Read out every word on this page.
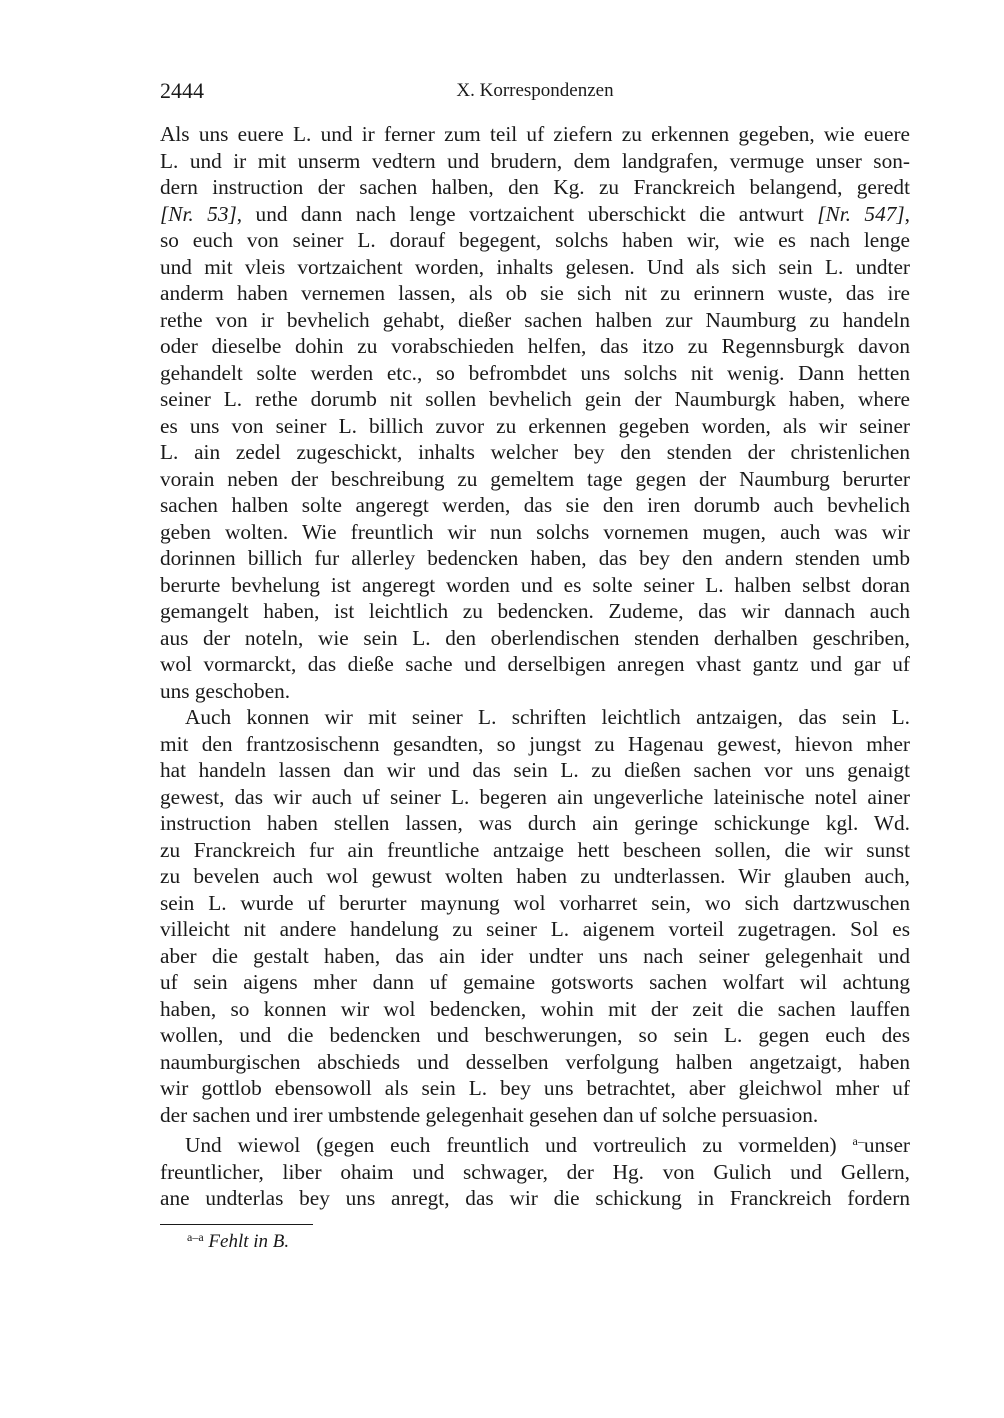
2444	X. Korrespondenzen
Als uns euere L. und ir ferner zum teil uf ziefern zu erkennen gegeben, wie euere
L. und ir mit unserm vedtern und brudern, dem landgrafen, vermuge unser son-
dern instruction der sachen halben, den Kg. zu Franckreich belangend, geredt
[Nr. 53], und dann nach lenge vortzaichent uberschickt die antwurt [Nr. 547],
so euch von seiner L. dorauf begegent, solchs haben wir, wie es nach lenge
und mit vleis vortzaichent worden, inhalts gelesen. Und als sich sein L. undter
anderm haben vernemen lassen, als ob sie sich nit zu erinnern wuste, das ire
rethe von ir bevhelich gehabt, dießer sachen halben zur Naumburg zu handeln
oder dieselbe dohin zu vorabschieden helfen, das itzo zu Regennsburgk davon
gehandelt solte werden etc., so befrombdet uns solchs nit wenig. Dann hetten
seiner L. rethe dorumb nit sollen bevhelich gein der Naumburgk haben, where
es uns von seiner L. billich zuvor zu erkennen gegeben worden, als wir seiner
L. ain zedel zugeschickt, inhalts welcher bey den stenden der christenlichen
vorain neben der beschreibung zu gemeltem tage gegen der Naumburg berurter
sachen halben solte angeregt werden, das sie den iren dorumb auch bevhelich
geben wolten. Wie freuntlich wir nun solchs vornemen mugen, auch was wir
dorinnen billich fur allerley bedencken haben, das bey den andern stenden umb
berurte bevhelung ist angeregt worden und es solte seiner L. halben selbst doran
gemangelt haben, ist leichtlich zu bedencken. Zudeme, das wir dannach auch
aus der noteln, wie sein L. den oberlendischen stenden derhalben geschriben,
wol vormarckt, das dieße sache und derselbigen anregen vhast gantz und gar uf
uns geschoben.
Auch konnen wir mit seiner L. schriften leichtlich antzaigen, das sein L.
mit den frantzosischenn gesandten, so jungst zu Hagenau gewest, hievon mher
hat handeln lassen dan wir und das sein L. zu dießen sachen vor uns genaigt
gewest, das wir auch uf seiner L. begeren ain ungeverliche lateinische notel ainer
instruction haben stellen lassen, was durch ain geringe schickunge kgl. Wd.
zu Franckreich fur ain freuntliche antzaige hett bescheen sollen, die wir sunst
zu bevelen auch wol gewust wolten haben zu undterlassen. Wir glauben auch,
sein L. wurde uf berurter maynung wol vorharret sein, wo sich dartzwuschen
villeicht nit andere handelung zu seiner L. aigenem vorteil zugetragen. Sol es
aber die gestalt haben, das ain ider undter uns nach seiner gelegenhait und
uf sein aigens mher dann uf gemaine gotsworts sachen wolfart wil achtung
haben, so konnen wir wol bedencken, wohin mit der zeit die sachen lauffen
wollen, und die bedencken und beschwerungen, so sein L. gegen euch des
naumburgischen abschieds und desselben verfolgung halben angetzaigt, haben
wir gottlob ebensowoll als sein L. bey uns betrachtet, aber gleichwol mher uf
der sachen und irer umbstende gelegenhait gesehen dan uf solche persuasion.
Und wiewol (gegen euch freuntlich und vortreulich zu vormelden) $^{a-}$unser
freuntlicher, liber ohaim und schwager, der Hg. von Gulich und Gellern,
ane undterlas bey uns anregt, das wir die schickung in Franckreich fordern
$^{a-a}$ Fehlt in B.
